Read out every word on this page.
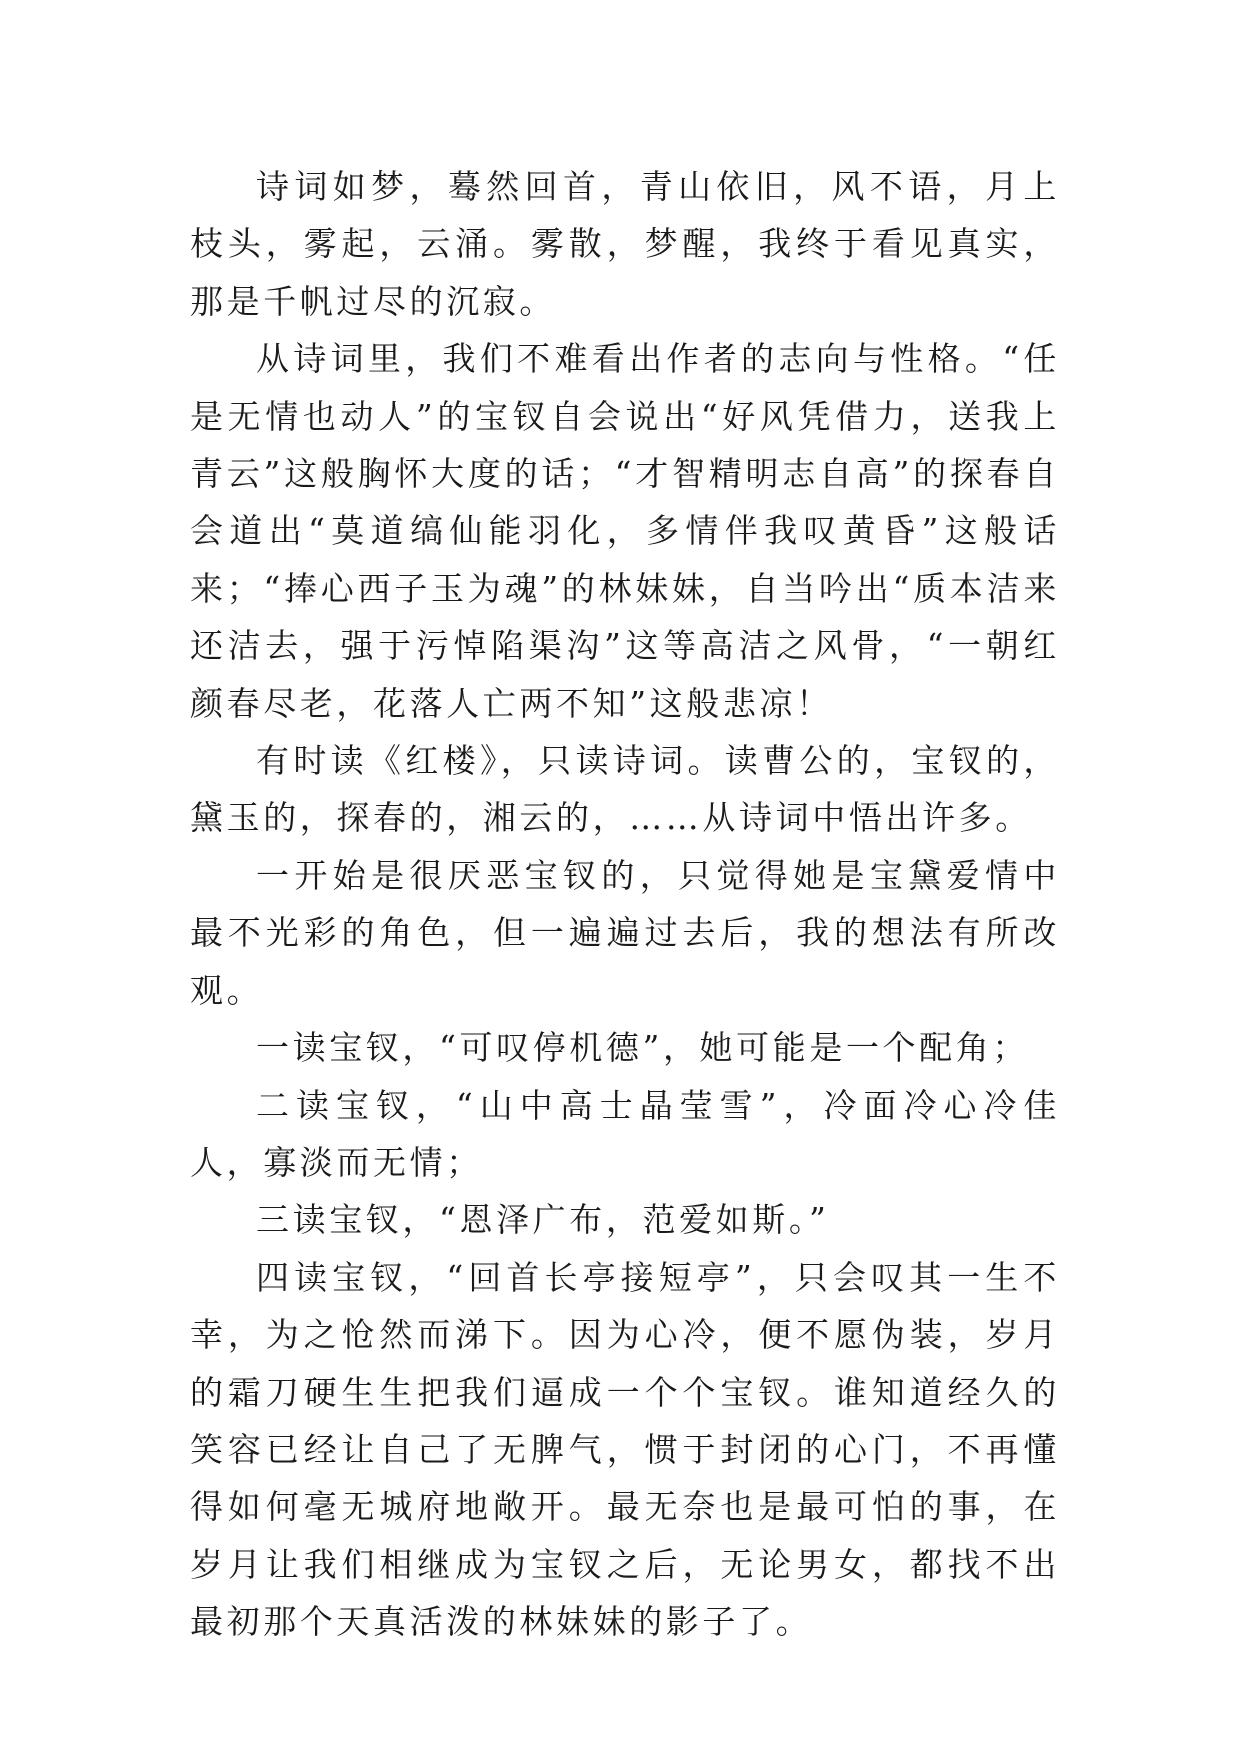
诗词如梦，蓦然回首，青山依旧，风不语，月上枝头，雾起，云涌。雾散，梦醒，我终于看见真实，那是千帆过尽的沉寂。

从诗词里，我们不难看出作者的志向与性格。“任是无情也动人”的宝钗自会说出“好风凭借力，送我上青云”这般胸怀大度的话；“才智精明志自高”的探春自会道出“莫道缟仙能羽化，多情伴我叹黄昏”这般话来；“捧心西子玉为魂”的林妹妹，自当吟出“质本洁来还洁去，强于污悼陷渠沟”这等高洁之风骨，“一朝红颜春尽老，花落人亡两不知”这般悲凉！

有时读《红楼》，只读诗词。读曹公的，宝钗的，黛玉的，探春的，湘云的，……从诗词中悟出许多。

一开始是很厌恶宝钗的，只觉得她是宝黛爱情中最不光彩的角色，但一遍遍过去后，我的想法有所改观。

一读宝钗，“可叹停机德”，她可能是一个配角；

二读宝钗，“山中高士晶莹雪”，冷面冷心冷佳人，寡淡而无情；

三读宝钗，“恩泽广布，范爱如斯。”

四读宝钗，“回首长亭接短亭”，只会叹其一生不幸，为之怆然而涕下。因为心冷，便不愿伪装，岁月的霜刀硬生生把我们逼成一个个宝钗。谁知道经久的笑容已经让自己了无脾气，惯于封闭的心门，不再懂得如何毫无城府地敞开。最无奈也是最可怕的事，在岁月让我们相继成为宝钗之后，无论男女，都找不出最初那个天真活泼的林妹妹的影子了。
